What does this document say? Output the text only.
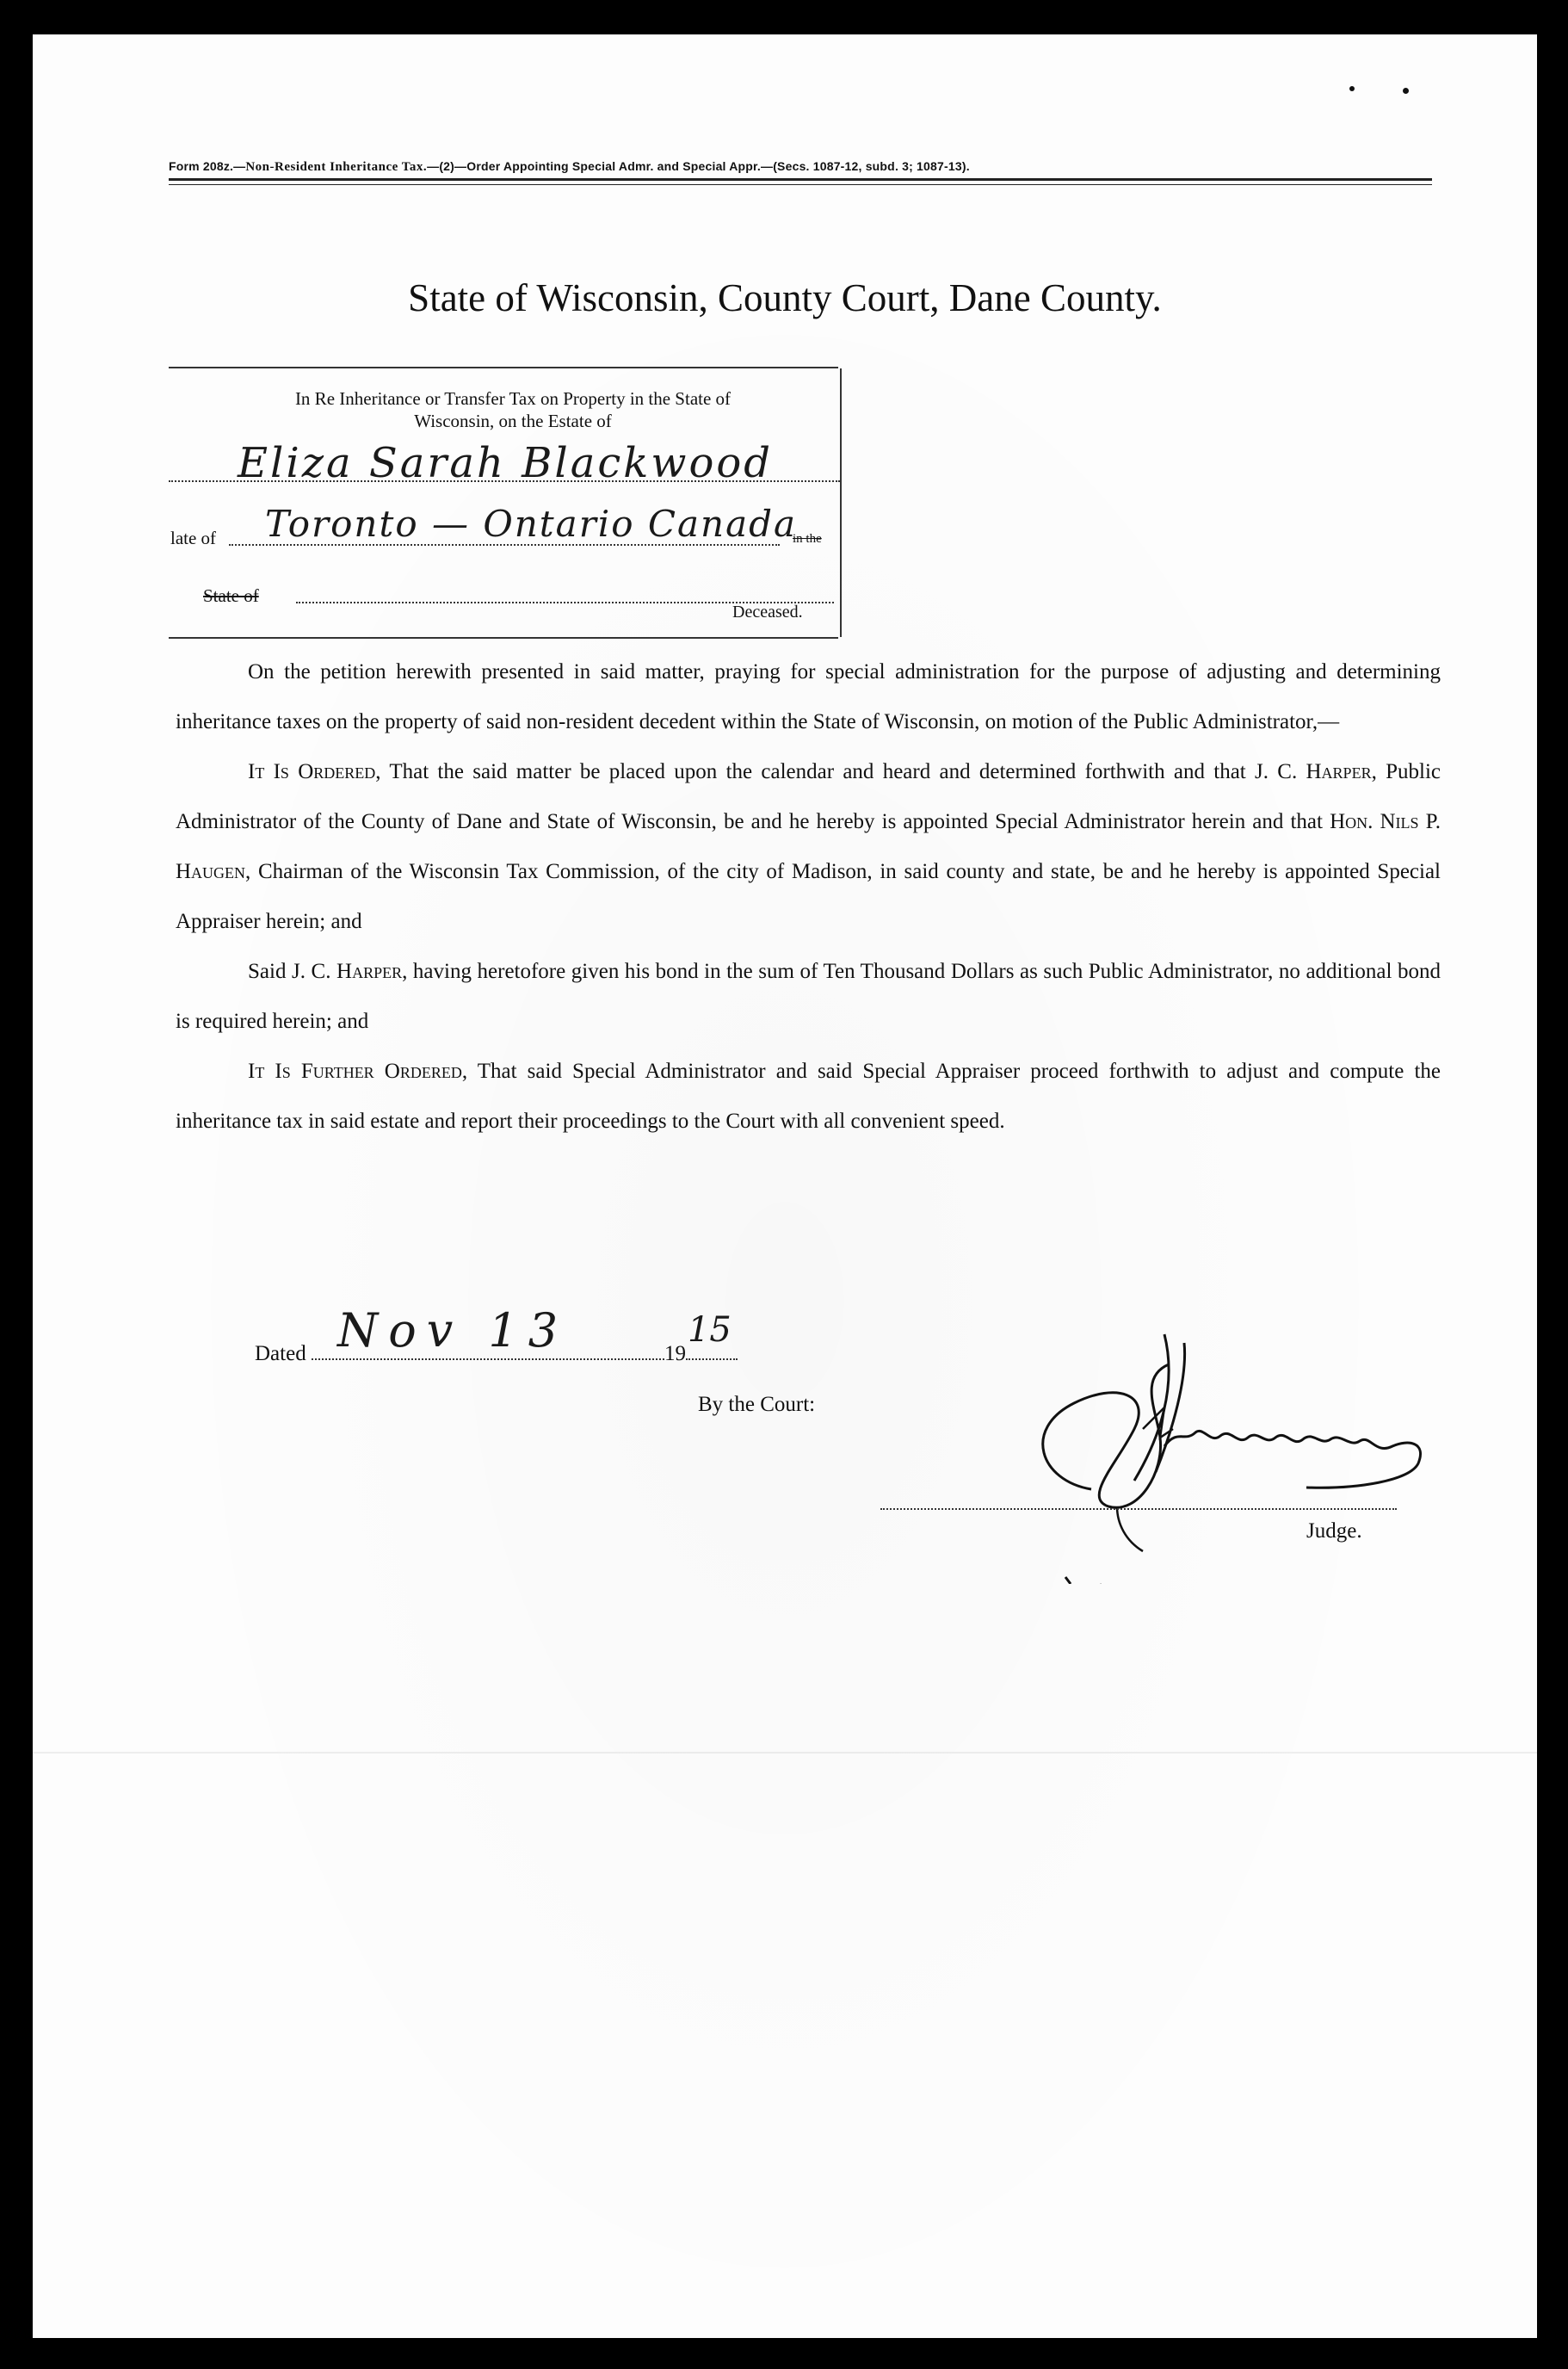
Form 208z.—Non-Resident Inheritance Tax.—(2)—Order Appointing Special Admr. and Special Appr.—(Secs. 1087-12, subd. 3; 1087-13).
State of Wisconsin, County Court, Dane County.
In Re Inheritance or Transfer Tax on Property in the State of
Wisconsin, on the Estate of
Eliza Sarah Blackwood
late of Toronto — Ontario Canada
in the
State of
Deceased.
On the petition herewith presented in said matter, praying for special administration for the purpose of adjusting and determining inheritance taxes on the property of said non-resident decedent within the State of Wisconsin, on motion of the Public Administrator,—
It Is Ordered, That the said matter be placed upon the calendar and heard and determined forthwith and that J. C. Harper, Public Administrator of the County of Dane and State of Wisconsin, be and he hereby is appointed Special Administrator herein and that Hon. Nils P. Haugen, Chairman of the Wisconsin Tax Commission, of the city of Madison, in said county and state, be and he hereby is appointed Special Appraiser herein; and
Said J. C. Harper, having heretofore given his bond in the sum of Ten Thousand Dollars as such Public Administrator, no additional bond is required herein; and
It Is Further Ordered, That said Special Administrator and said Special Appraiser proceed forthwith to adjust and compute the inheritance tax in said estate and report their proceedings to the Court with all convenient speed.
Dated Nov 13	19
15
By the Court:
A. G. Zimmerman
Judge.
